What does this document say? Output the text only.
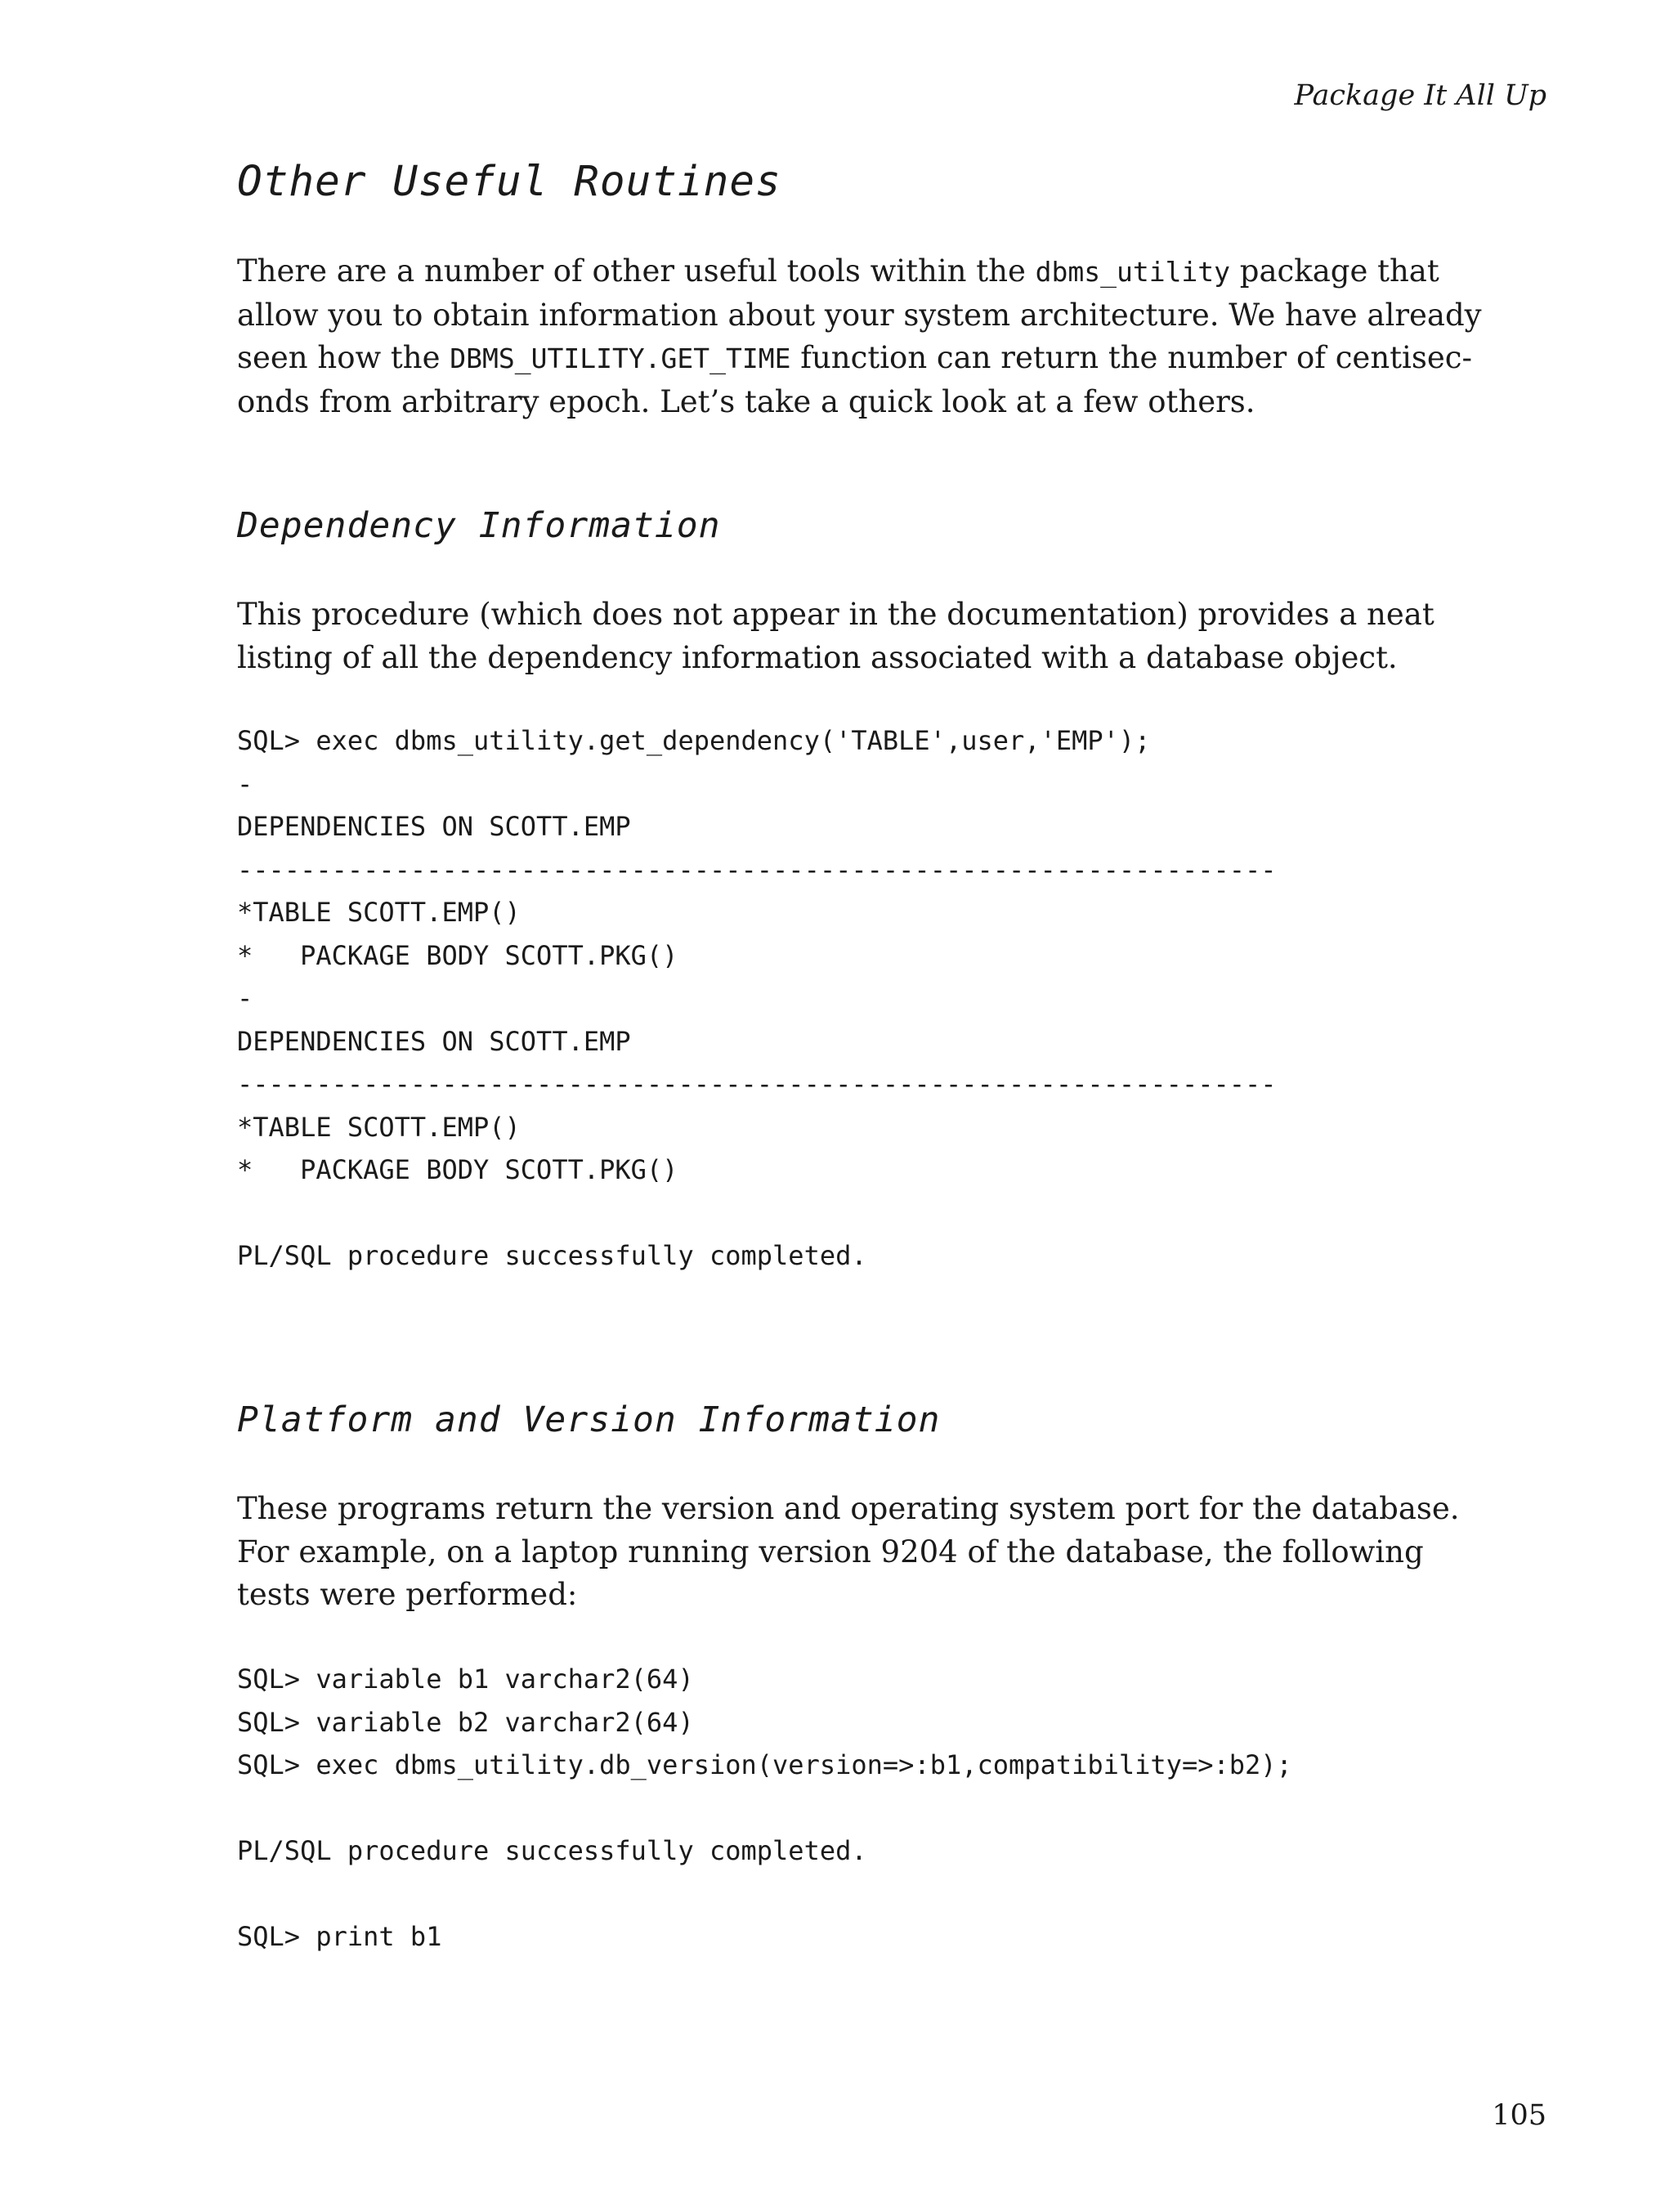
Package It All Up
Other Useful Routines

There are a number of other useful tools within the dbms_utility package that
allow you to obtain information about your system architecture. We have already
seen how the DBMS_UTILITY.GET_TIME function can return the number of centisec-
onds from arbitrary epoch. Let’s take a quick look at a few others.

Dependency Information

This procedure (which does not appear in the documentation) provides a neat
listing of all the dependency information associated with a database object.

SQL> exec dbms_utility.get_dependency('TABLE',user,'EMP');
-
DEPENDENCIES ON SCOTT.EMP
------------------------------------------------------------------
*TABLE SCOTT.EMP()
*   PACKAGE BODY SCOTT.PKG()
-
DEPENDENCIES ON SCOTT.EMP
------------------------------------------------------------------
*TABLE SCOTT.EMP()
*   PACKAGE BODY SCOTT.PKG()
PL/SQL procedure successfully completed.
Platform and Version Information

These programs return the version and operating system port for the database.
For example, on a laptop running version 9204 of the database, the following
tests were performed:

SQL> variable b1 varchar2(64)
SQL> variable b2 varchar2(64)
SQL> exec dbms_utility.db_version(version=>:b1,compatibility=>:b2);
PL/SQL procedure successfully completed.
SQL> print b1
105
